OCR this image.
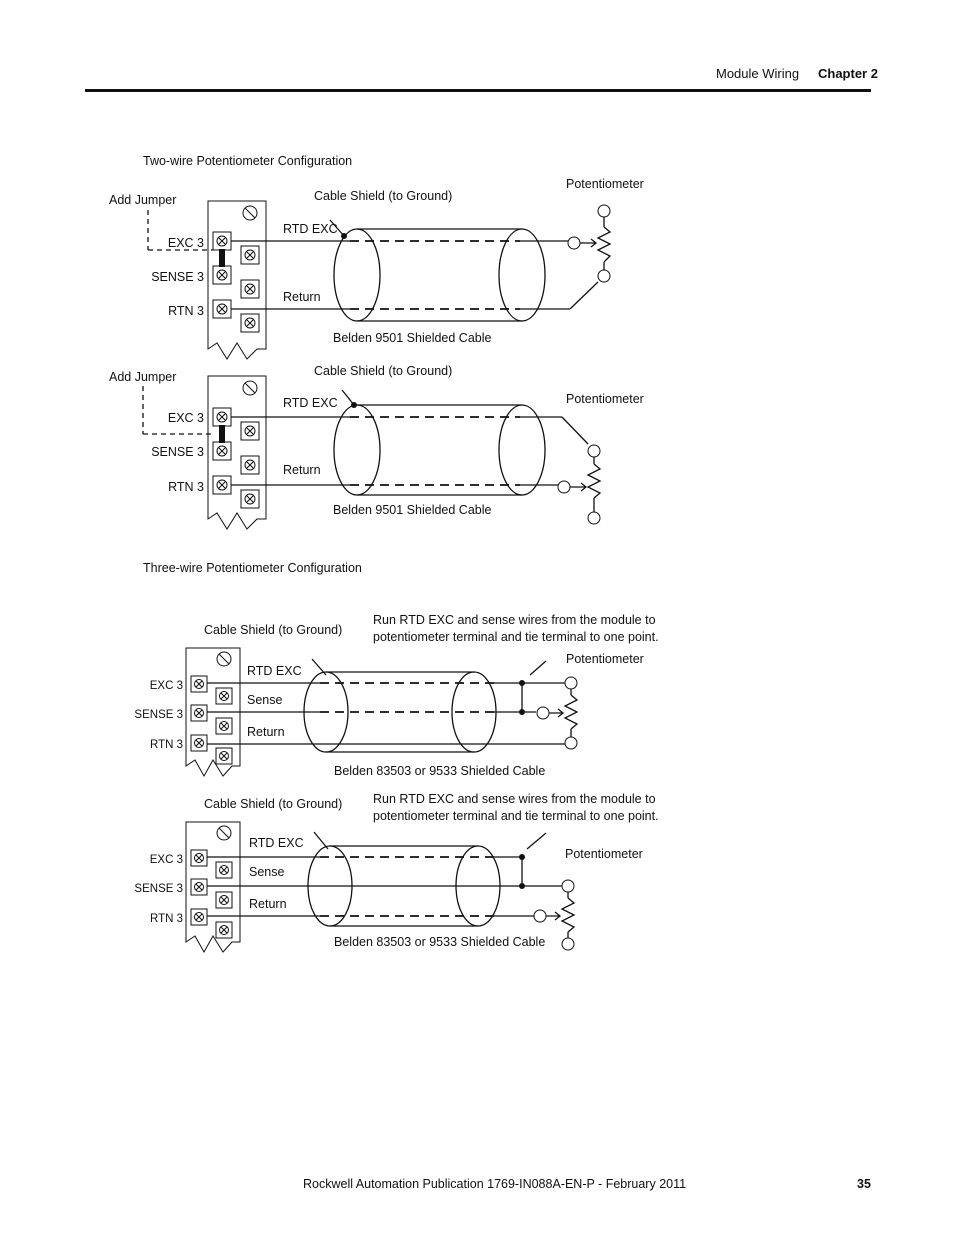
Module Wiring Chapter 2
Two-wire Potentiometer Configuration
Three-wire Potentiometer Configuration
Add Jumper
EXC 3
SENSE 3
RTN 3
Cable Shield (to Ground)
Potentiometer
RTD EXC
Return
Belden 9501 Shielded Cable
Add Jumper
EXC 3
SENSE 3
RTN 3
Cable Shield (to Ground)
Potentiometer
RTD EXC
Return
Belden 9501 Shielded Cable
EXC 3
SENSE 3
RTN 3
Cable Shield (to Ground)
Run RTD EXC and sense wires from the module to
potentiometer terminal and tie terminal to one point.
Potentiometer
RTD EXC
Sense
Return
Belden 83503 or 9533 Shielded Cable
EXC 3
SENSE 3
RTN 3
Cable Shield (to Ground) Run RTD EXC and sense wires from the module to
potentiometer terminal and tie terminal to one point.
Potentiometer
RTD EXC
Sense
Return
Belden 83503 or 9533 Shielded Cable
Rockwell Automation Publication 1769-IN088A-EN-P - February 2011	35
